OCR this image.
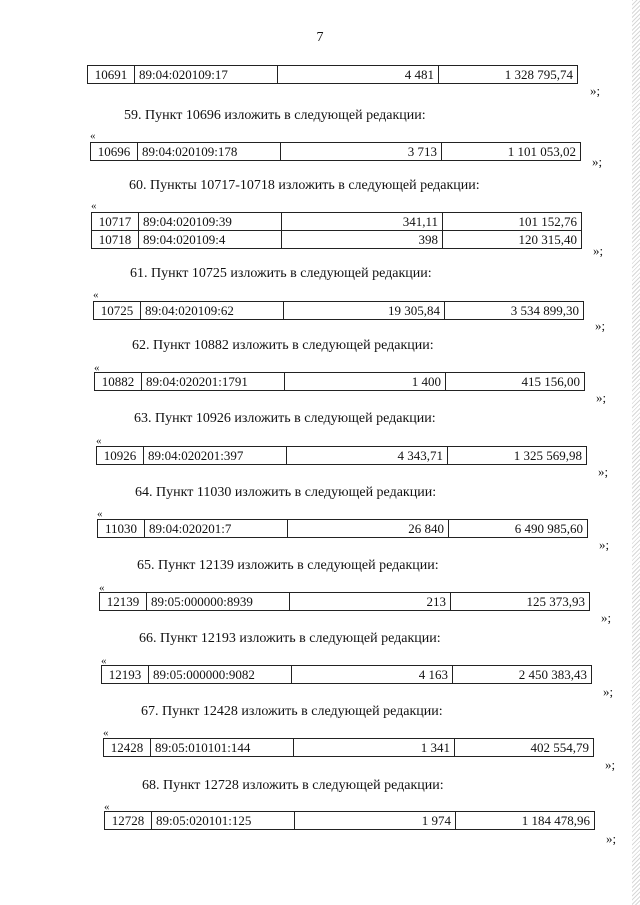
7
10691	89:04:020109:17	4 481	1 328 795,74
»;
59. Пункт 10696 изложить в следующей редакции:
«
10696	89:04:020109:178	3 713	1 101 053,02
»;
60. Пункты 10717-10718 изложить в следующей редакции:
«
10717	89:04:020109:39	341,11	101 152,76
10718	89:04:020109:4	398	120 315,40
»;
61. Пункт 10725 изложить в следующей редакции:
«
10725	89:04:020109:62	19 305,84	3 534 899,30
»;
62. Пункт 10882 изложить в следующей редакции:
«
10882	89:04:020201:1791	1 400	415 156,00
»;
63. Пункт 10926 изложить в следующей редакции:
«
10926	89:04:020201:397	4 343,71	1 325 569,98
»;
64. Пункт 11030 изложить в следующей редакции:
«
11030	89:04:020201:7	26 840	6 490 985,60
»;
65. Пункт 12139 изложить в следующей редакции:
«
12139	89:05:000000:8939	213	125 373,93
»;
66. Пункт 12193 изложить в следующей редакции:
«
12193	89:05:000000:9082	4 163	2 450 383,43
»;
67. Пункт 12428 изложить в следующей редакции:
«
12428	89:05:010101:144	1 341	402 554,79
»;
68. Пункт 12728 изложить в следующей редакции:
«
12728	89:05:020101:125	1 974	1 184 478,96
»;
